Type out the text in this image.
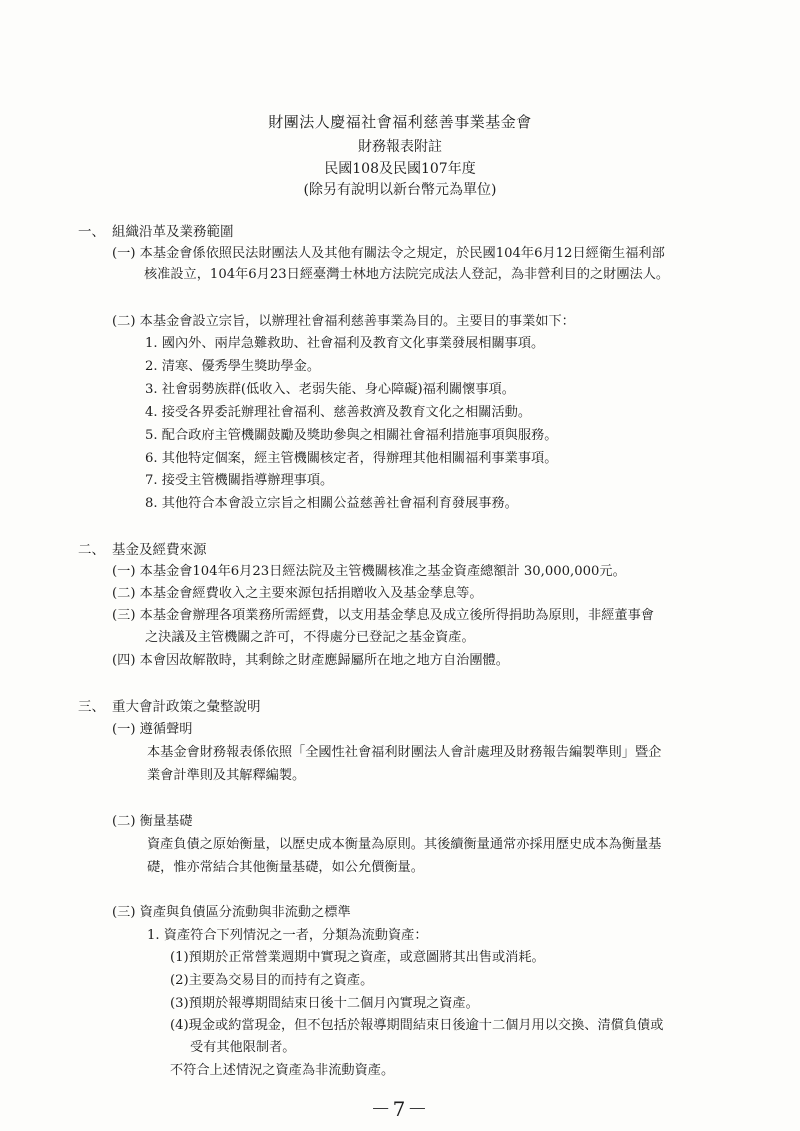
財團法人慶福社會福利慈善事業基金會
財務報表附註
民國108及民國107年度
(除另有說明以新台幣元為單位)
一、 組織沿革及業務範圍
(一) 本基金會係依照民法財團法人及其他有關法令之規定，於民國104年6月12日經衛生福利部
核准設立，104年6月23日經臺灣士林地方法院完成法人登記，為非營利目的之財團法人。
(二) 本基金會設立宗旨，以辦理社會福利慈善事業為目的。主要目的事業如下：
1. 國內外、兩岸急難救助、社會福利及教育文化事業發展相關事項。
2. 清寒、優秀學生獎助學金。
3. 社會弱勢族群(低收入、老弱失能、身心障礙)福利關懷事項。
4. 接受各界委託辦理社會福利、慈善救濟及教育文化之相關活動。
5. 配合政府主管機關鼓勵及獎助參與之相關社會福利措施事項與服務。
6. 其他特定個案，經主管機關核定者，得辦理其他相關福利事業事項。
7. 接受主管機關指導辦理事項。
8. 其他符合本會設立宗旨之相關公益慈善社會福利育發展事務。
二、 基金及經費來源
(一) 本基金會104年6月23日經法院及主管機關核准之基金資產總額計 30,000,000元。
(二) 本基金會經費收入之主要來源包括捐贈收入及基金孳息等。
(三) 本基金會辦理各項業務所需經費，以支用基金孳息及成立後所得捐助為原則，非經董事會
之決議及主管機關之許可，不得處分已登記之基金資產。
(四) 本會因故解散時，其剩餘之財產應歸屬所在地之地方自治團體。
三、 重大會計政策之彙整說明
(一) 遵循聲明
本基金會財務報表係依照「全國性社會福利財團法人會計處理及財務報告編製準則」暨企
業會計準則及其解釋編製。
(二) 衡量基礎
資產負債之原始衡量，以歷史成本衡量為原則。其後續衡量通常亦採用歷史成本為衡量基
礎，惟亦常結合其他衡量基礎，如公允價衡量。
(三) 資產與負債區分流動與非流動之標準
1. 資產符合下列情況之一者，分類為流動資產：
(1)預期於正常營業週期中實現之資產，或意圖將其出售或消耗。
(2)主要為交易目的而持有之資產。
(3)預期於報導期間結束日後十二個月內實現之資產。
(4)現金或約當現金，但不包括於報導期間結束日後逾十二個月用以交換、清償負債或
受有其他限制者。
不符合上述情況之資產為非流動資產。
－7－
